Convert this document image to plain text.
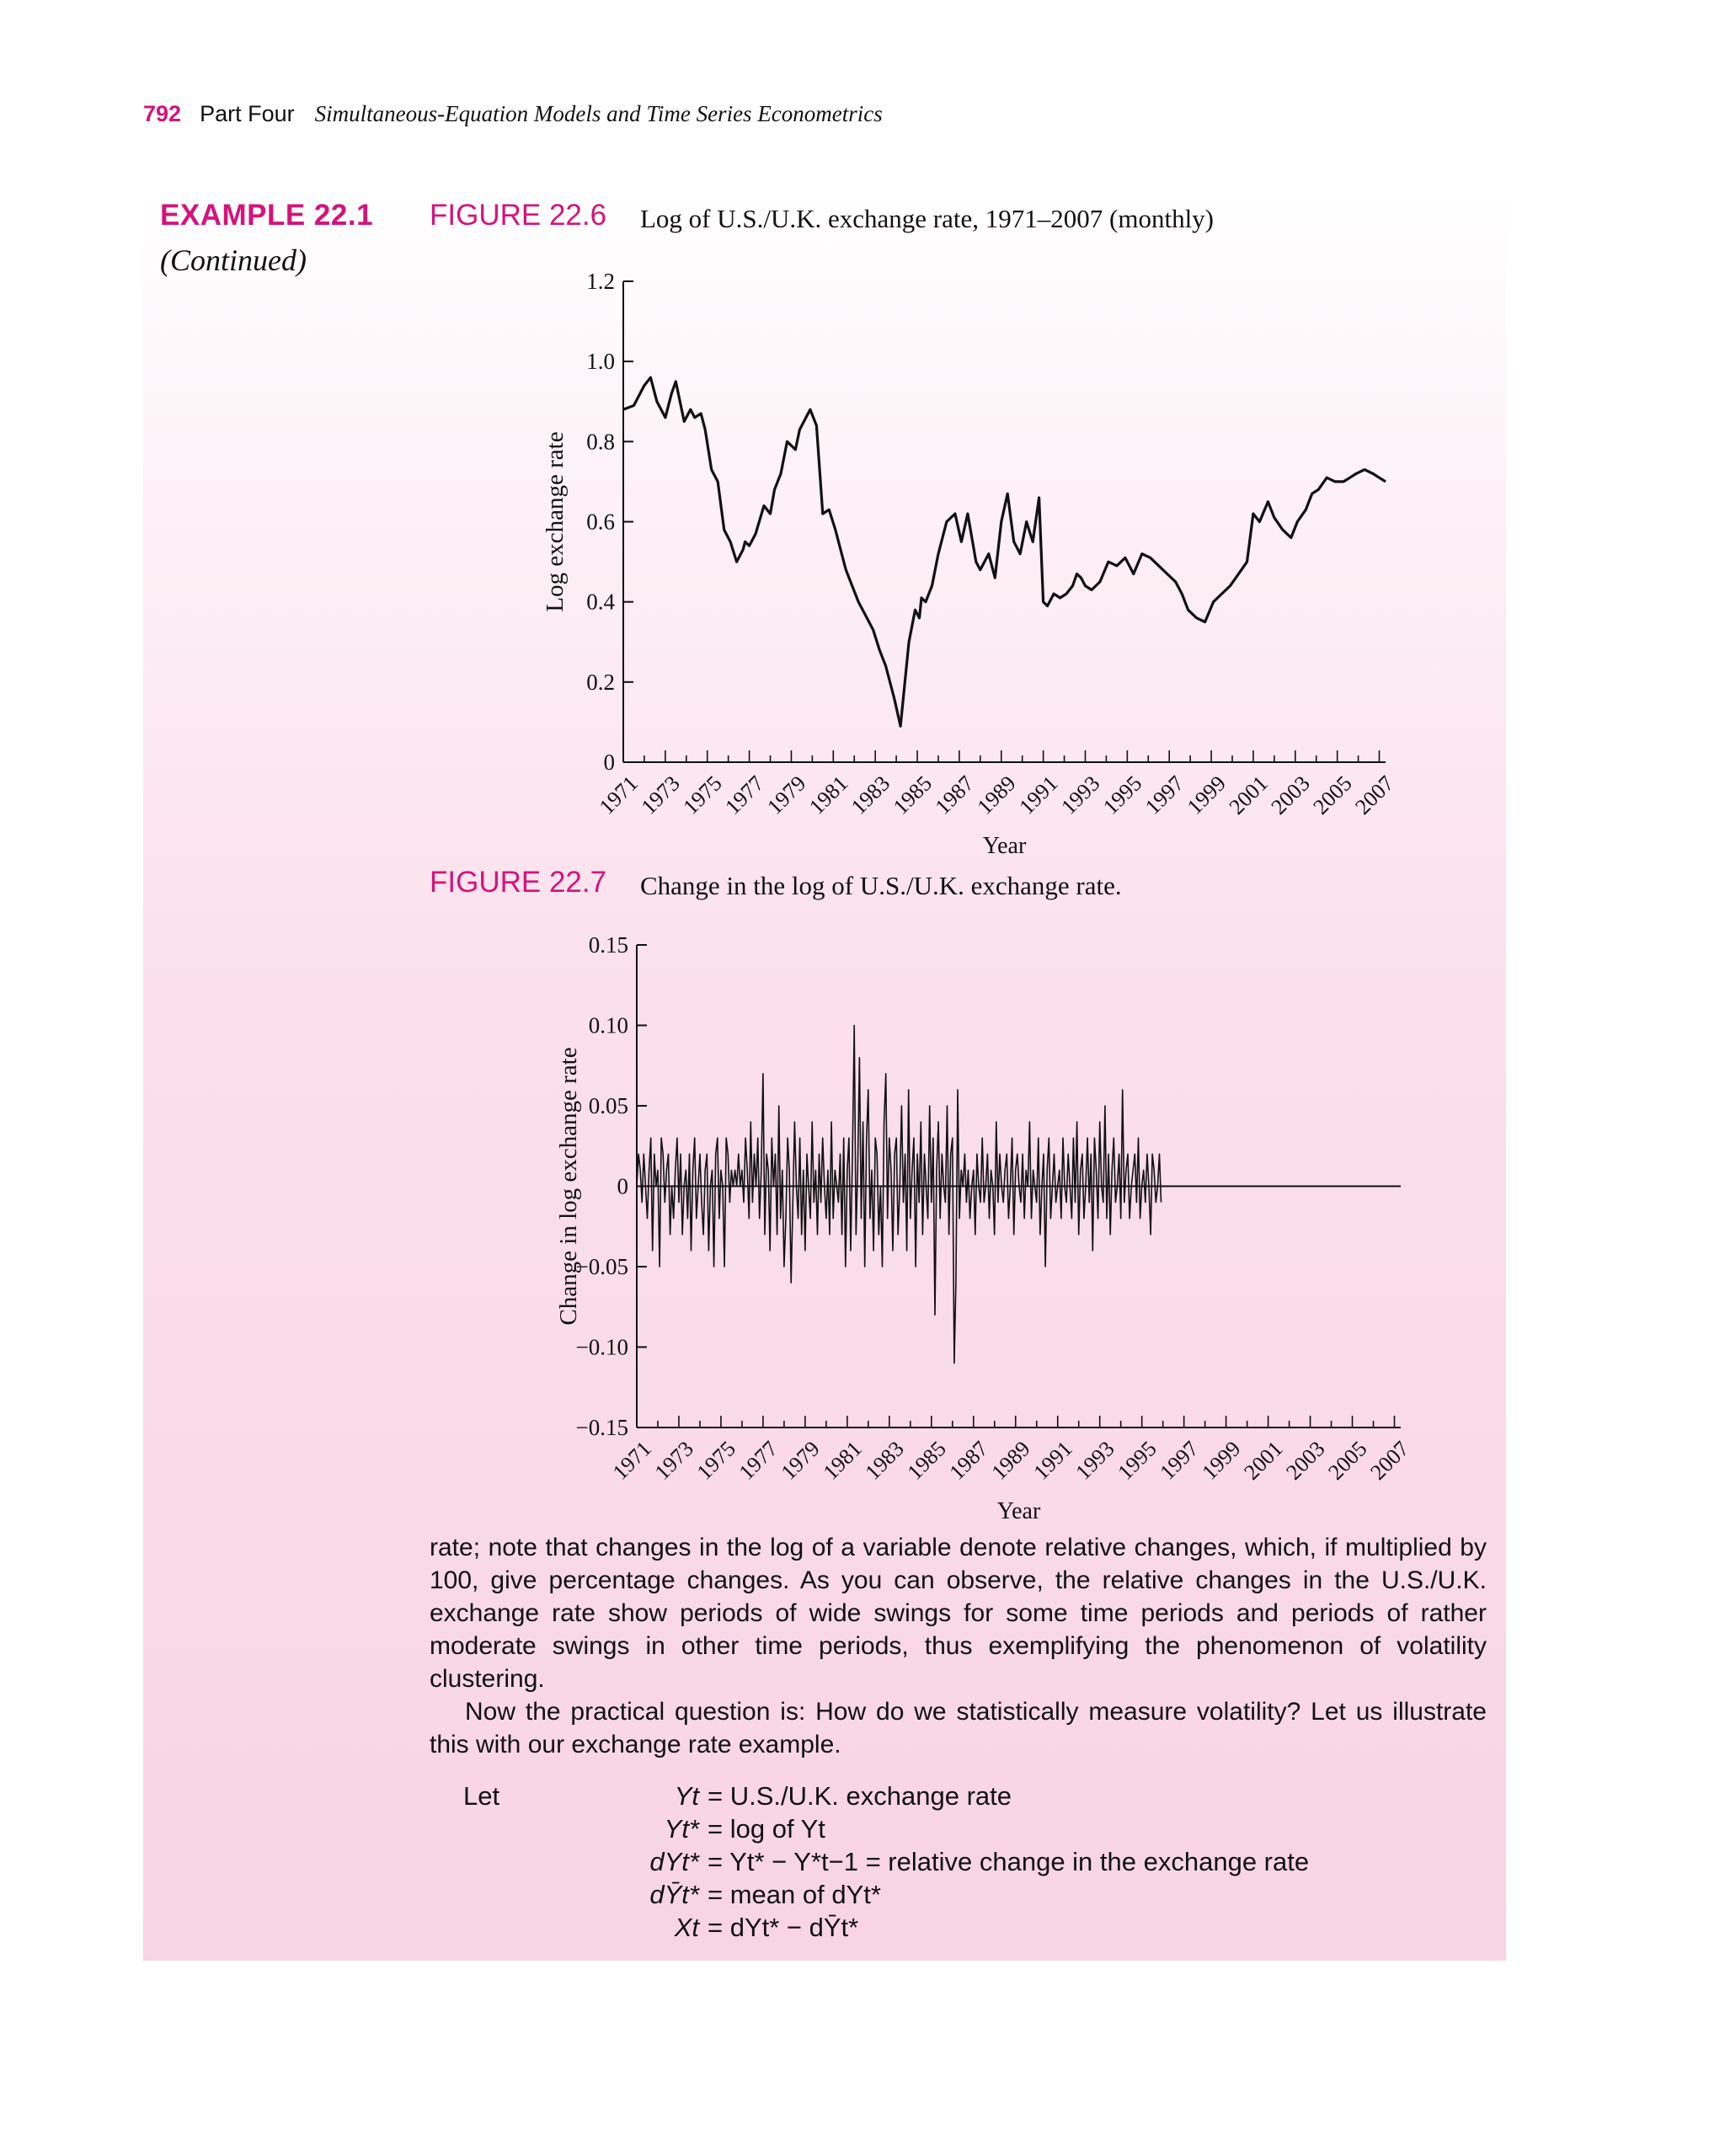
792 Part Four Simultaneous-Equation Models and Time Series Econometrics
EXAMPLE 22.1
(Continued)
FIGURE 22.6 Log of U.S./U.K. exchange rate, 1971–2007 (monthly)
0
0.2
0.4
0.6
0.8
1.0
1.2
1971
1973
1975
1977
1979
1981
1983
1985
1987
1989
1991
1993
1995
1997
1999
2001
2003
2005
2007
Year
Log exchange rate
FIGURE 22.7 Change in the log of U.S./U.K. exchange rate.
0.15
0.10
0.05
0
−0.05
−0.10
−0.15
1971
1973
1975
1977
1979
1981
1983
1985
1987
1989
1991
1993
1995
1997
1999
2001
2003
2005
2007
Year
Change in log exchange rate

rate; note that changes in the log of a variable denote relative changes, which, if multiplied by 100, give percentage changes. As you can observe, the relative changes in the U.S./U.K. exchange rate show periods of wide swings for some time periods and periods of rather moderate swings in other time periods, thus exemplifying the phenomenon of volatility clustering.

Now the practical question is: How do we statistically measure volatility? Let us illustrate this with our exchange rate example.

Let	Yt = U.S./U.K. exchange rate
Yt* = log of Yt
dYt* = Yt* − Y*t−1 = relative change in the exchange rate
dȲt* = mean of dYt*
Xt = dYt* − dȲt*
